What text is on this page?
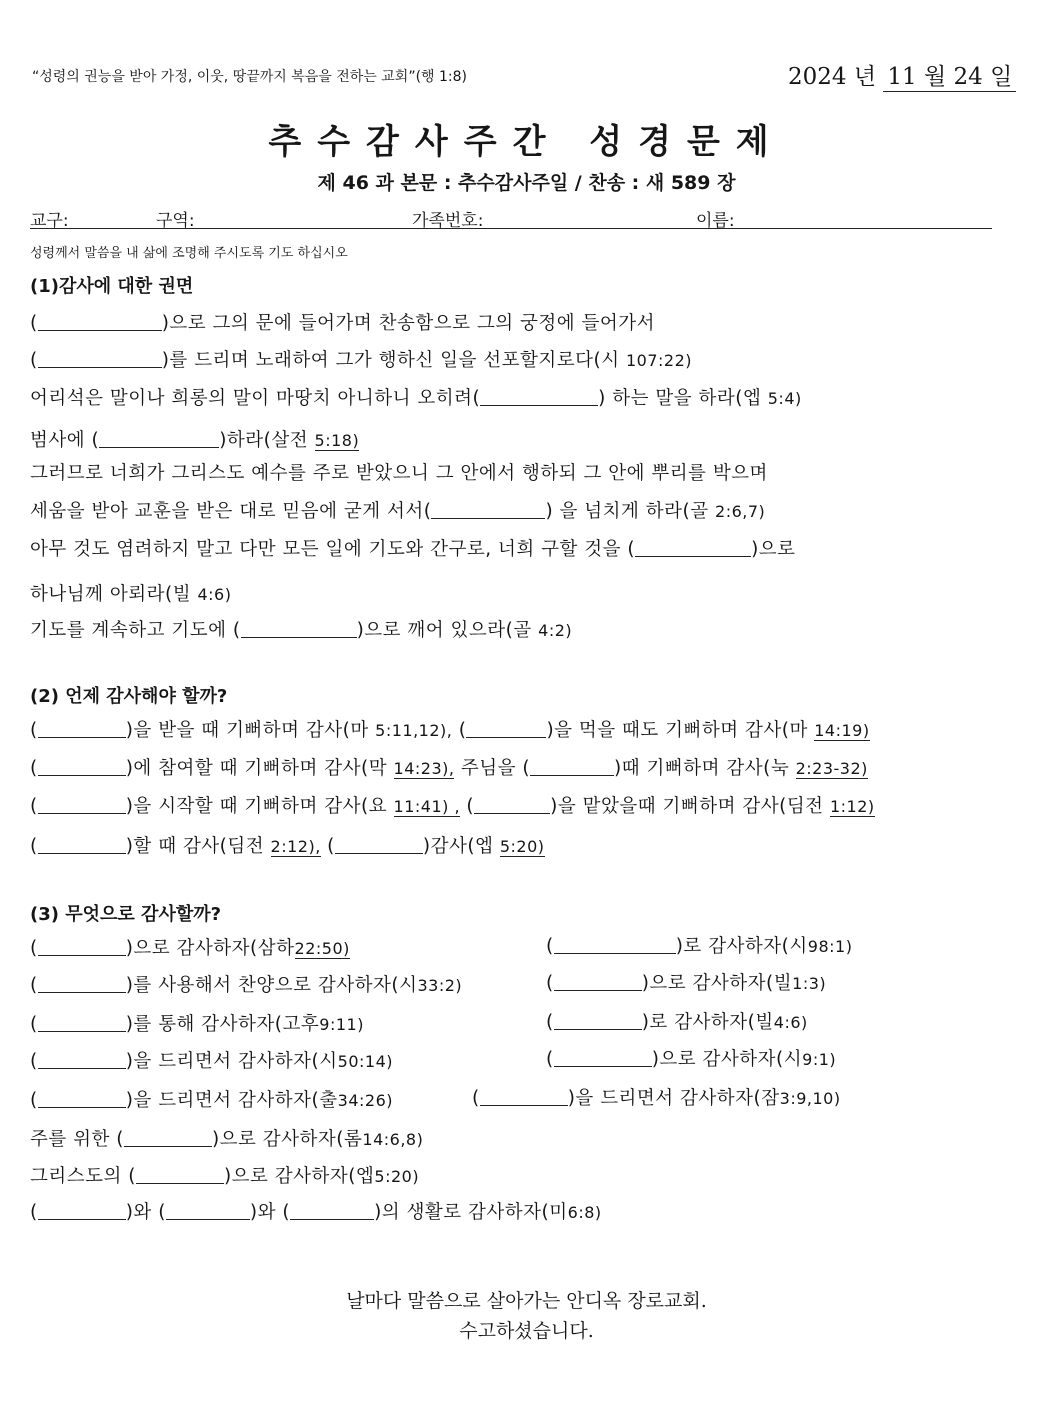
“성령의 권능을 받아 가정, 이웃, 땅끝까지 복음을 전하는 교회”(행 1:8)	2024 년 11 월 24 일
추수감사주간 성경문제
제 46 과 본문 : 추수감사주일 / 찬송 : 새 589 장
교구:	구역:	가족번호:	이름:
성령께서 말씀을 내 삶에 조명해 주시도록 기도 하십시오
(1)감사에 대한 권면
(	)으로 그의 문에 들어가며 찬송함으로 그의 궁정에 들어가서
(	)를 드리며 노래하여 그가 행하신 일을 선포할지로다(시 107:22)
어리석은 말이나 희롱의 말이 마땅치 아니하니 오히려(	) 하는 말을 하라(엡 5:4)
범사에 (	)하라(살전 5:18)
그러므로 너희가 그리스도 예수를 주로 받았으니 그 안에서 행하되 그 안에 뿌리를 박으며
세움을 받아 교훈을 받은 대로 믿음에 굳게 서서(	) 을 넘치게 하라(골 2:6,7)
아무 것도 염려하지 말고 다만 모든 일에 기도와 간구로, 너희 구할 것을 (	)으로
하나님께 아뢰라(빌 4:6)
기도를 계속하고 기도에 (	)으로 깨어 있으라(골 4:2)
(2) 언제 감사해야 할까?
(	)을 받을 때 기뻐하며 감사(마 5:11,12), (	)을 먹을 때도 기뻐하며 감사(마 14:19)
(	)에 참여할 때 기뻐하며 감사(막 14:23), 주님을 (	)때 기뻐하며 감사(눅 2:23-32)
(	)을 시작할 때 기뻐하며 감사(요 11:41) , (	)을 맡았을때 기뻐하며 감사(딤전 1:12)
(	)할 때 감사(딤전 2:12), (	)감사(엡 5:20)
(3) 무엇으로 감사할까?
(	)으로 감사하자(삼하22:50)
(	)를 사용해서 찬양으로 감사하자(시33:2)
(	)를 통해 감사하자(고후9:11)
(	)을 드리면서 감사하자(시50:14)
(	)을 드리면서 감사하자(출34:26)
(	)로 감사하자(시98:1)
(	)으로 감사하자(빌1:3)
(	)로 감사하자(빌4:6)
(	)으로 감사하자(시9:1)
(	)을 드리면서 감사하자(잠3:9,10)
주를 위한 (	)으로 감사하자(롬14:6,8)
그리스도의 (	)으로 감사하자(엡5:20)
(	)와 (	)와 (	)의 생활로 감사하자(미6:8)
날마다 말씀으로 살아가는 안디옥 장로교회.
수고하셨습니다.
